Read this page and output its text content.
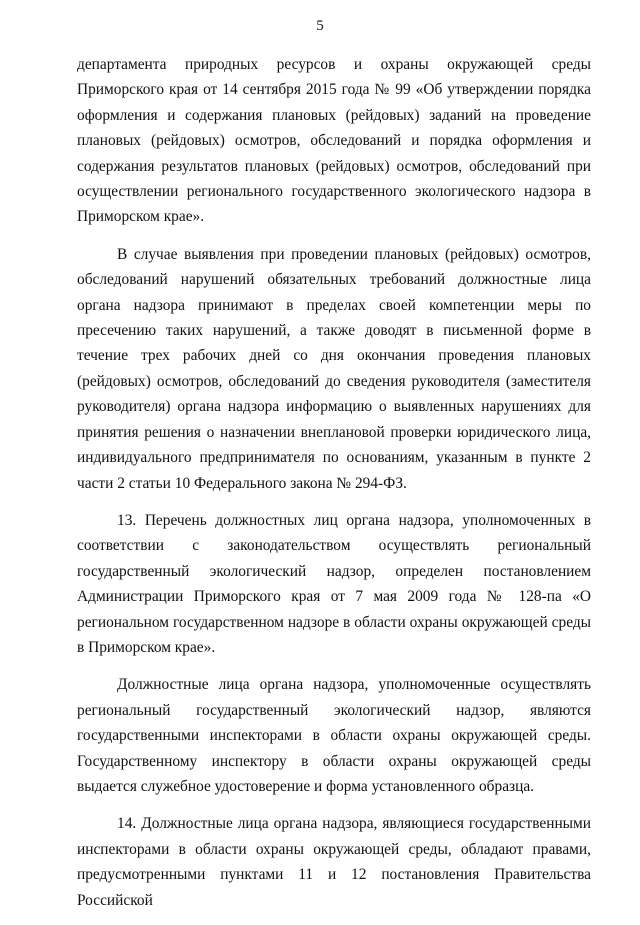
5

департамента природных ресурсов и охраны окружающей среды Приморского края от 14 сентября 2015 года № 99 «Об утверждении порядка оформления и содержания плановых (рейдовых) заданий на проведение плановых (рейдовых) осмотров, обследований и порядка оформления и содержания результатов плановых (рейдовых) осмотров, обследований при осуществлении регионального государственного экологического надзора в Приморском крае».

В случае выявления при проведении плановых (рейдовых) осмотров, обследований нарушений обязательных требований должностные лица органа надзора принимают в пределах своей компетенции меры по пресечению таких нарушений, а также доводят в письменной форме в течение трех рабочих дней со дня окончания проведения плановых (рейдовых) осмотров, обследований до сведения руководителя (заместителя руководителя) органа надзора информацию о выявленных нарушениях для принятия решения о назначении внеплановой проверки юридического лица, индивидуального предпринимателя по основаниям, указанным в пункте 2 части 2 статьи 10 Федерального закона № 294-ФЗ.

13. Перечень должностных лиц органа надзора, уполномоченных в соответствии с законодательством осуществлять региональный государственный экологический надзор, определен постановлением Администрации Приморского края от 7 мая 2009 года № 128-па «О региональном государственном надзоре в области охраны окружающей среды в Приморском крае».

Должностные лица органа надзора, уполномоченные осуществлять региональный государственный экологический надзор, являются государственными инспекторами в области охраны окружающей среды. Государственному инспектору в области охраны окружающей среды выдается служебное удостоверение и форма установленного образца.

14. Должностные лица органа надзора, являющиеся государственными инспекторами в области охраны окружающей среды, обладают правами, предусмотренными пунктами 11 и 12 постановления Правительства Российской
